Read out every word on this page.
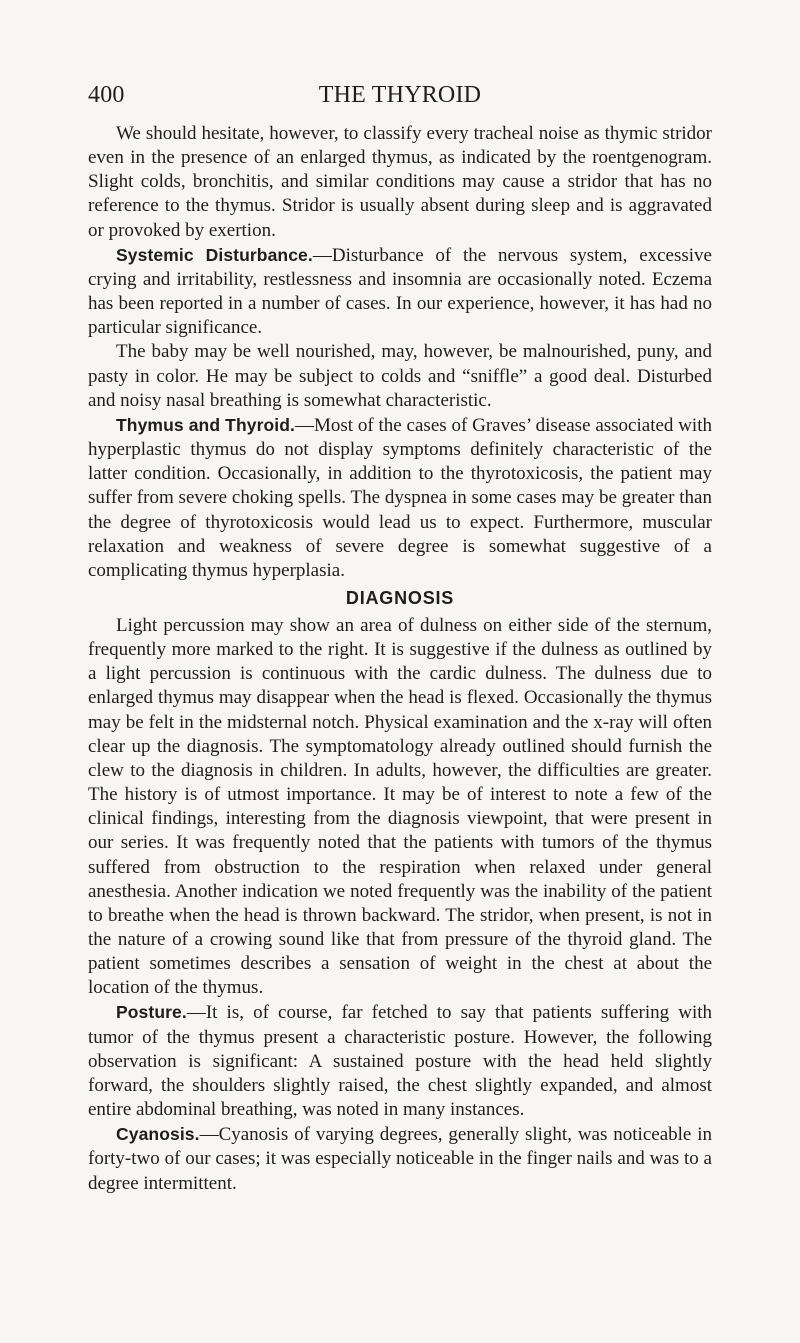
400	THE THYROID

We should hesitate, however, to classify every tracheal noise as thymic stridor even in the presence of an enlarged thymus, as indicated by the roentgenogram. Slight colds, bronchitis, and similar conditions may cause a stridor that has no reference to the thymus. Stridor is usually absent during sleep and is aggravated or provoked by exertion.

Systemic Disturbance.—Disturbance of the nervous system, excessive crying and irritability, restlessness and insomnia are occasionally noted. Eczema has been reported in a number of cases. In our experience, however, it has had no particular significance.

The baby may be well nourished, may, however, be malnourished, puny, and pasty in color. He may be subject to colds and “sniffle” a good deal. Disturbed and noisy nasal breathing is somewhat characteristic.

Thymus and Thyroid.—Most of the cases of Graves’ disease associated with hyperplastic thymus do not display symptoms definitely characteristic of the latter condition. Occasionally, in addition to the thyrotoxicosis, the patient may suffer from severe choking spells. The dyspnea in some cases may be greater than the degree of thyrotoxicosis would lead us to expect. Furthermore, muscular relaxation and weakness of severe degree is somewhat suggestive of a complicating thymus hyperplasia.

DIAGNOSIS

Light percussion may show an area of dulness on either side of the sternum, frequently more marked to the right. It is suggestive if the dulness as outlined by a light percussion is continuous with the cardic dulness. The dulness due to enlarged thymus may disappear when the head is flexed. Occasionally the thymus may be felt in the midsternal notch. Physical examination and the x-ray will often clear up the diagnosis. The symptomatology already outlined should furnish the clew to the diagnosis in children. In adults, however, the difficulties are greater. The history is of utmost importance. It may be of interest to note a few of the clinical findings, interesting from the diagnosis viewpoint, that were present in our series. It was frequently noted that the patients with tumors of the thymus suffered from obstruction to the respiration when relaxed under general anesthesia. Another indication we noted frequently was the inability of the patient to breathe when the head is thrown backward. The stridor, when present, is not in the nature of a crowing sound like that from pressure of the thyroid gland. The patient sometimes describes a sensation of weight in the chest at about the location of the thymus.

Posture.—It is, of course, far fetched to say that patients suffering with tumor of the thymus present a characteristic posture. However, the following observation is significant: A sustained posture with the head held slightly forward, the shoulders slightly raised, the chest slightly expanded, and almost entire abdominal breathing, was noted in many instances.

Cyanosis.—Cyanosis of varying degrees, generally slight, was noticeable in forty-two of our cases; it was especially noticeable in the finger nails and was to a degree intermittent.
